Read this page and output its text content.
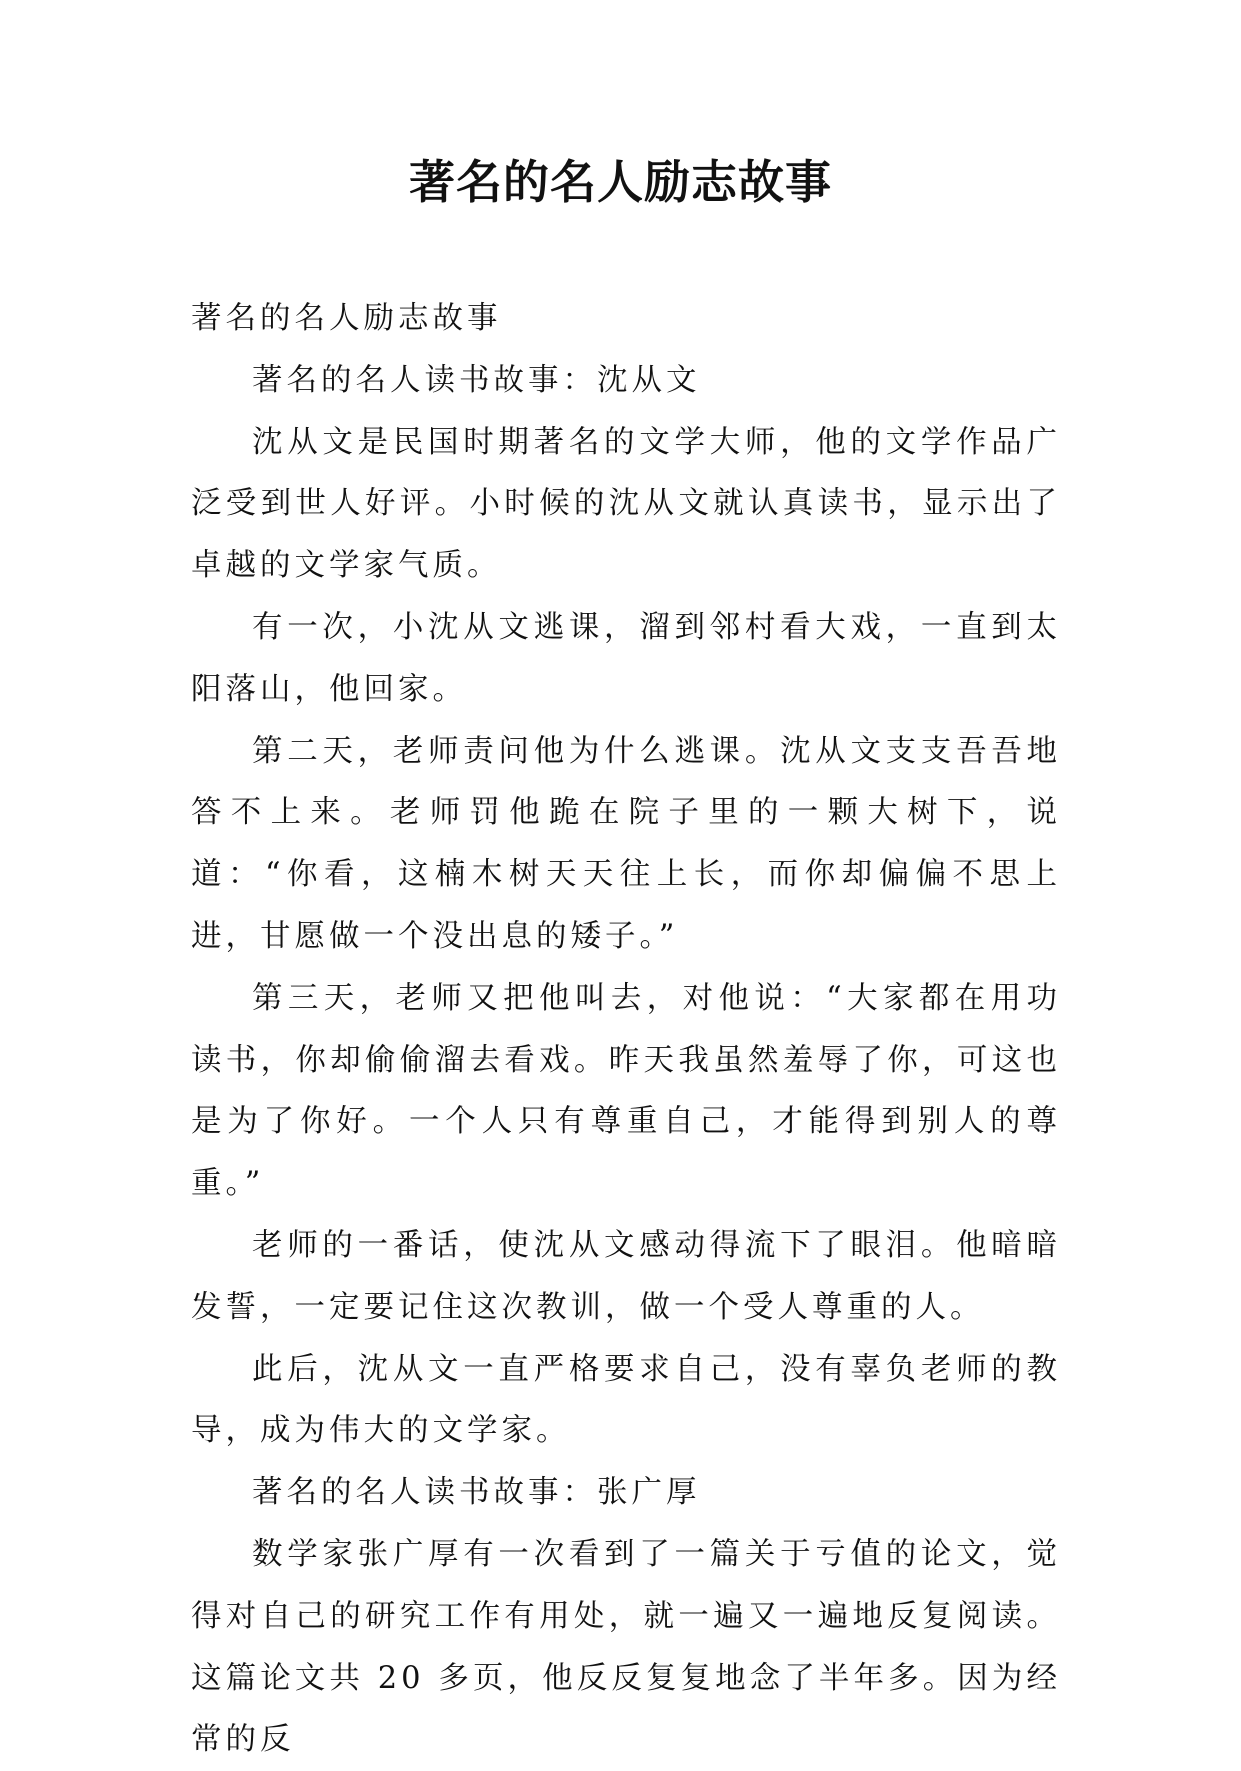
著名的名人励志故事

著名的名人励志故事

著名的名人读书故事：沈从文

沈从文是民国时期著名的文学大师，他的文学作品广泛受到世人好评。小时候的沈从文就认真读书，显示出了卓越的文学家气质。

有一次，小沈从文逃课，溜到邻村看大戏，一直到太阳落山，他回家。

第二天，老师责问他为什么逃课。沈从文支支吾吾地答不上来。老师罚他跪在院子里的一颗大树下，说道：“你看，这楠木树天天往上长，而你却偏偏不思上进，甘愿做一个没出息的矮子。”

第三天，老师又把他叫去，对他说：“大家都在用功读书，你却偷偷溜去看戏。昨天我虽然羞辱了你，可这也是为了你好。一个人只有尊重自己，才能得到别人的尊重。”

老师的一番话，使沈从文感动得流下了眼泪。他暗暗发誓，一定要记住这次教训，做一个受人尊重的人。

此后，沈从文一直严格要求自己，没有辜负老师的教导，成为伟大的文学家。

著名的名人读书故事：张广厚

数学家张广厚有一次看到了一篇关于亏值的论文，觉得对自己的研究工作有用处，就一遍又一遍地反复阅读。这篇论文共 20 多页，他反反复复地念了半年多。因为经常的反
